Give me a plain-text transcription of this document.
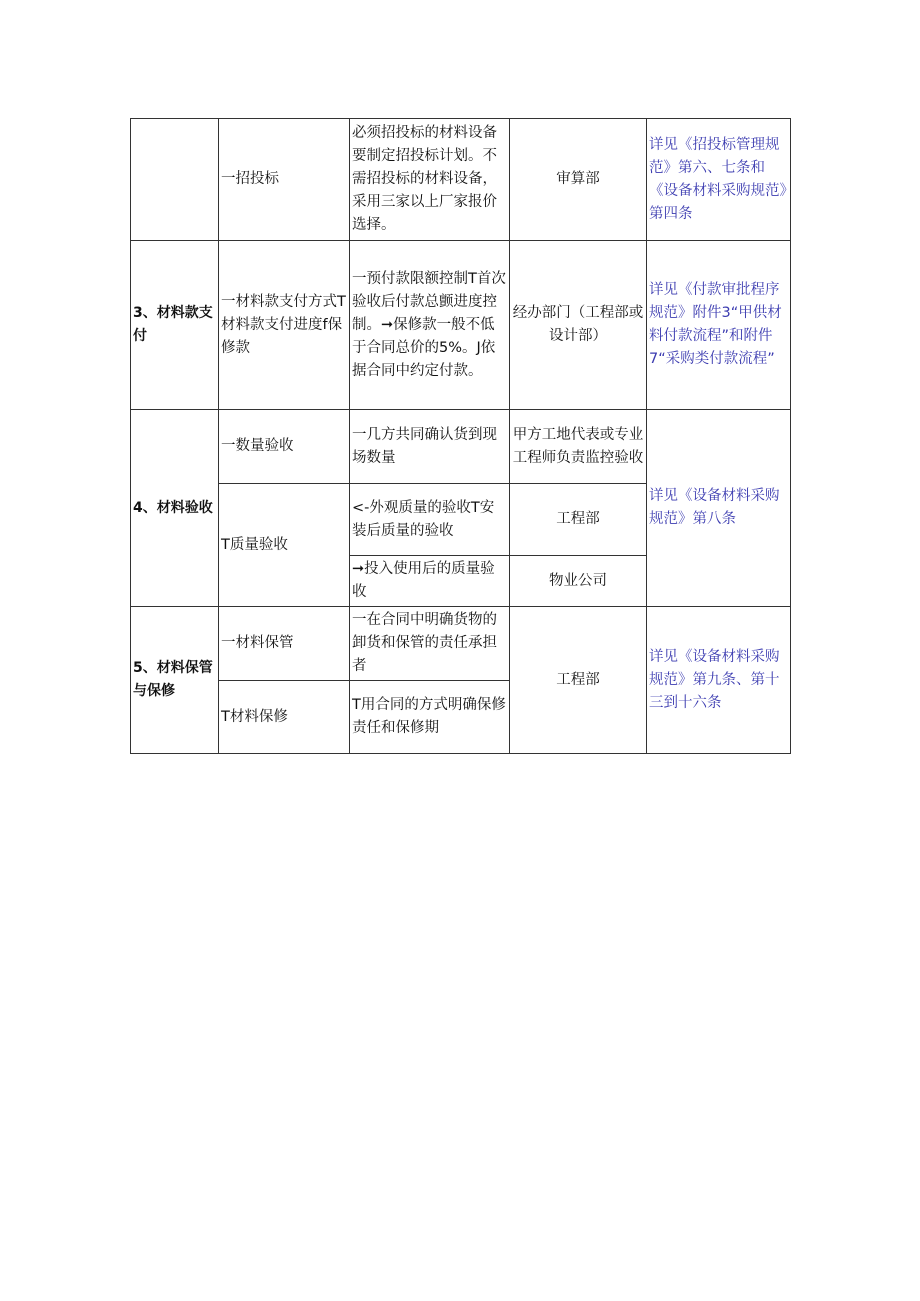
	一招投标	必须招投标的材料设备要制定招投标计划。不需招投标的材料设备，采用三家以上厂家报价选择。	审算部	详见《招投标管理规范》第六、七条和《设备材料采购规范》第四条
3、材料款支付	一材料款支付方式T材料款支付进度f保修款	一预付款限额控制T首次验收后付款总颤进度控制。➞保修款一般不低于合同总价的5%。J依据合同中约定付款。	经办部门（工程部或设计部）	详见《付款审批程序规范》附件3“甲供材料付款流程”和附件7“采购类付款流程”
4、材料验收	一数量验收	一几方共同确认货到现场数量	甲方工地代表或专业工程师负责监控验收	详见《设备材料采购规范》第八条
	T质量验收	<-外观质量的验收T安装后质量的验收	工程部	
		➞投入使用后的质量验收	物业公司	
5、材料保管与保修	一材料保管	一在合同中明确货物的卸货和保管的责任承担者	工程部	详见《设备材料采购规范》第九条、第十三到十六条
	T材料保修	T用合同的方式明确保修责任和保修期		
